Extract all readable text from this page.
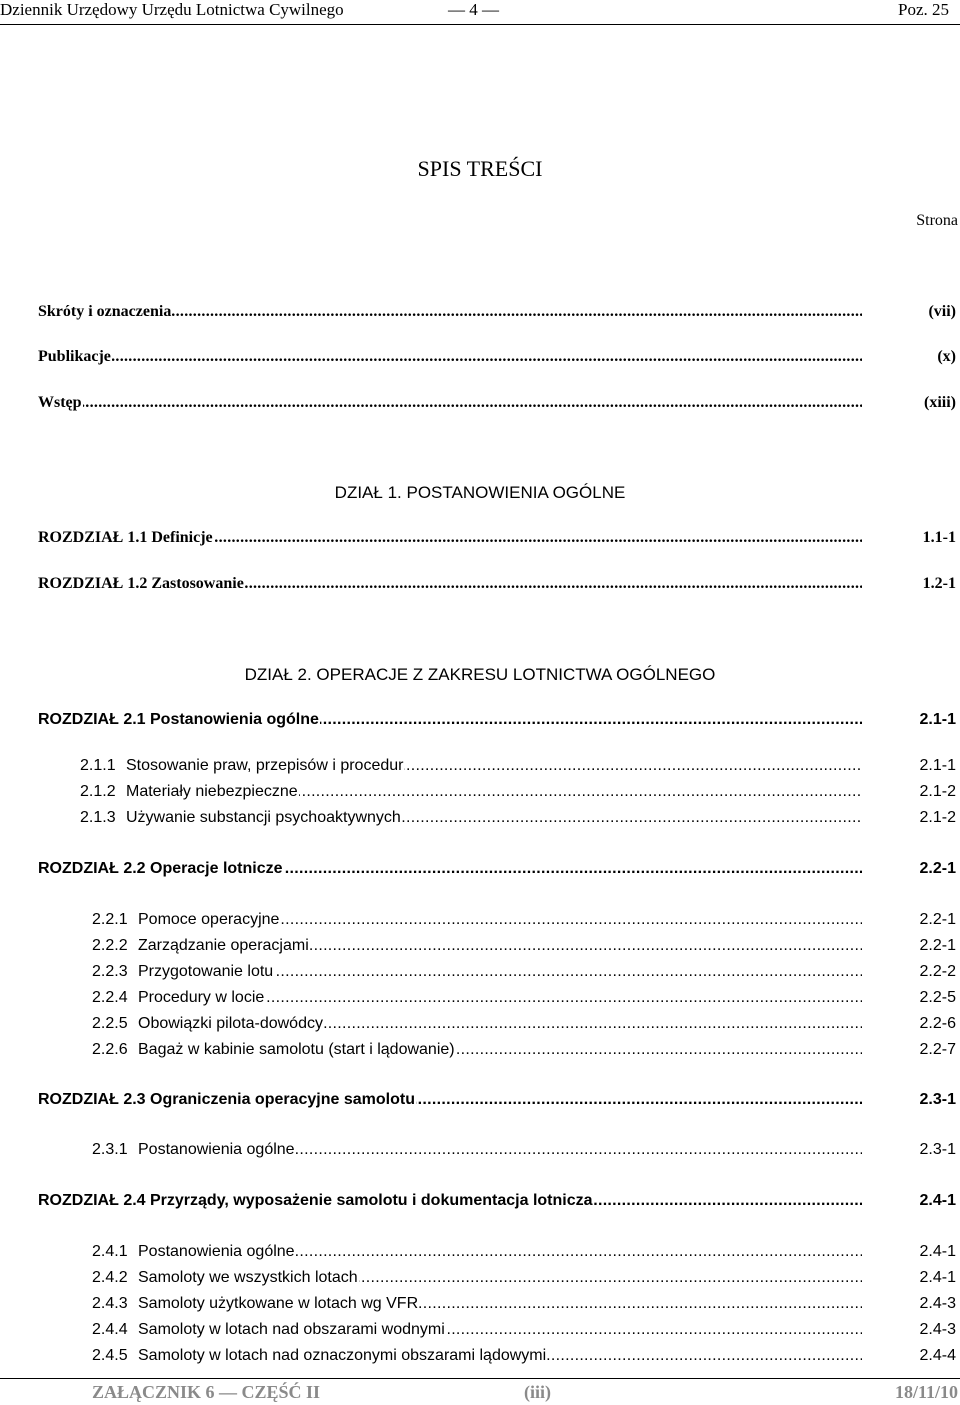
Dziennik Urzędowy Urzędu Lotnictwa Cywilnego	— 4 —	Poz. 25
SPIS TREŚCI
Strona
.....
Skróty i oznaczenia	(vii)
.....
Publikacje	(x)
.....
Wstęp	(xiii)
DZIAŁ 1. POSTANOWIENIA OGÓLNE
.....
ROZDZIAŁ 1.1 Definicje	1.1-1
.....
ROZDZIAŁ 1.2 Zastosowanie	1.2-1
DZIAŁ 2. OPERACJE Z ZAKRESU LOTNICTWA OGÓLNEGO
.....
ROZDZIAŁ 2.1 Postanowienia ogólne	2.1-1
2.1.1 ..... Stosowanie praw, przepisów i procedur	2.1-1
2.1.2 ..... Materiały niebezpieczne	2.1-2
2.1.3 ..... Używanie substancji psychoaktywnych	2.1-2
.....
ROZDZIAŁ 2.2 Operacje lotnicze	2.2-1
2.2.1 ..... Pomoce operacyjne	2.2-1
2.2.2 ..... Zarządzanie operacjami	2.2-1
2.2.3 ..... Przygotowanie lotu	2.2-2
2.2.4 ..... Procedury w locie	2.2-5
2.2.5 ..... Obowiązki pilota-dowódcy	2.2-6
2.2.6 ..... Bagaż w kabinie samolotu (start i lądowanie)	2.2-7
.....
ROZDZIAŁ 2.3 Ograniczenia operacyjne samolotu	2.3-1
2.3.1 ..... Postanowienia ogólne	2.3-1
.....
ROZDZIAŁ 2.4 Przyrządy, wyposażenie samolotu i dokumentacja lotnicza	2.4-1
2.4.1 ..... Postanowienia ogólne	2.4-1
2.4.2 ..... Samoloty we wszystkich lotach	2.4-1
2.4.3 ..... Samoloty użytkowane w lotach wg VFR	2.4-3
2.4.4 ..... Samoloty w lotach nad obszarami wodnymi	2.4-3
2.4.5 ..... Samoloty w lotach nad oznaczonymi obszarami lądowymi	2.4-4
ZAŁĄCZNIK 6 — CZĘŚĆ II	(iii)	18/11/10
